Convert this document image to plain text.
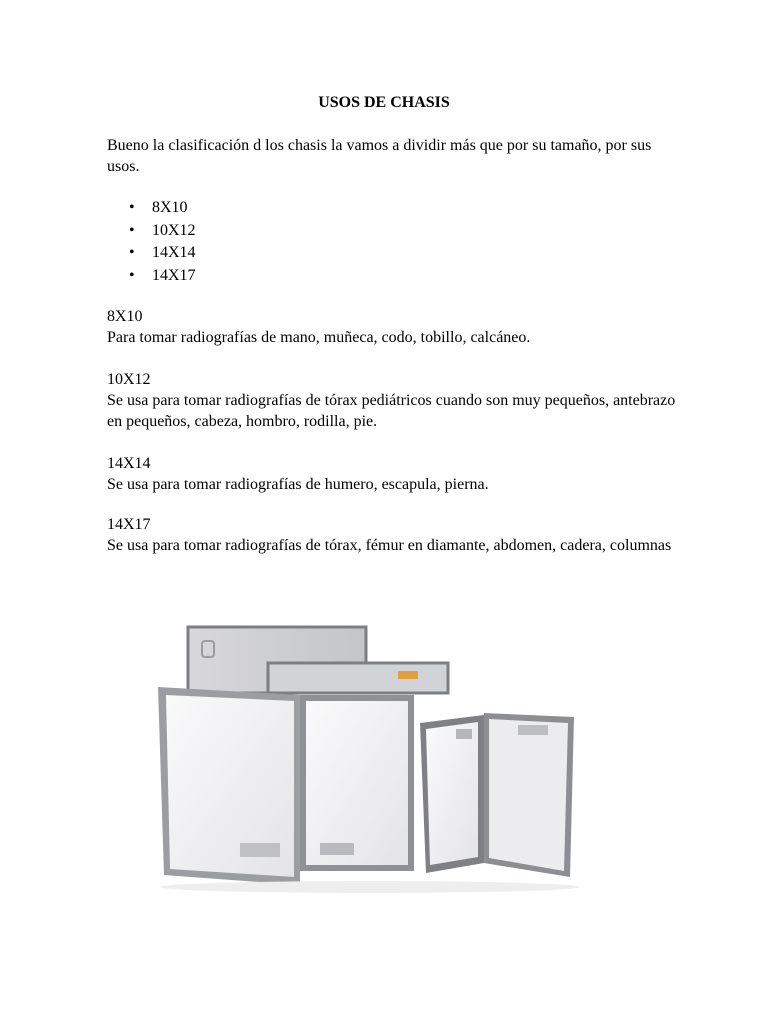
USOS DE CHASIS

Bueno la clasificación d los chasis la vamos a dividir más que por su tamaño, por sus usos.

• 8X10
• 10X12
• 14X14
• 14X17
8X10
Para tomar radiografías de mano, muñeca, codo, tobillo, calcáneo.
10X12
Se usa para tomar radiografías de tórax pediátricos cuando son muy pequeños, antebrazo en pequeños, cabeza, hombro, rodilla, pie.
14X14
Se usa para tomar radiografías de humero, escapula, pierna.
14X17
Se usa para tomar radiografías de tórax, fémur en diamante, abdomen, cadera, columnas
